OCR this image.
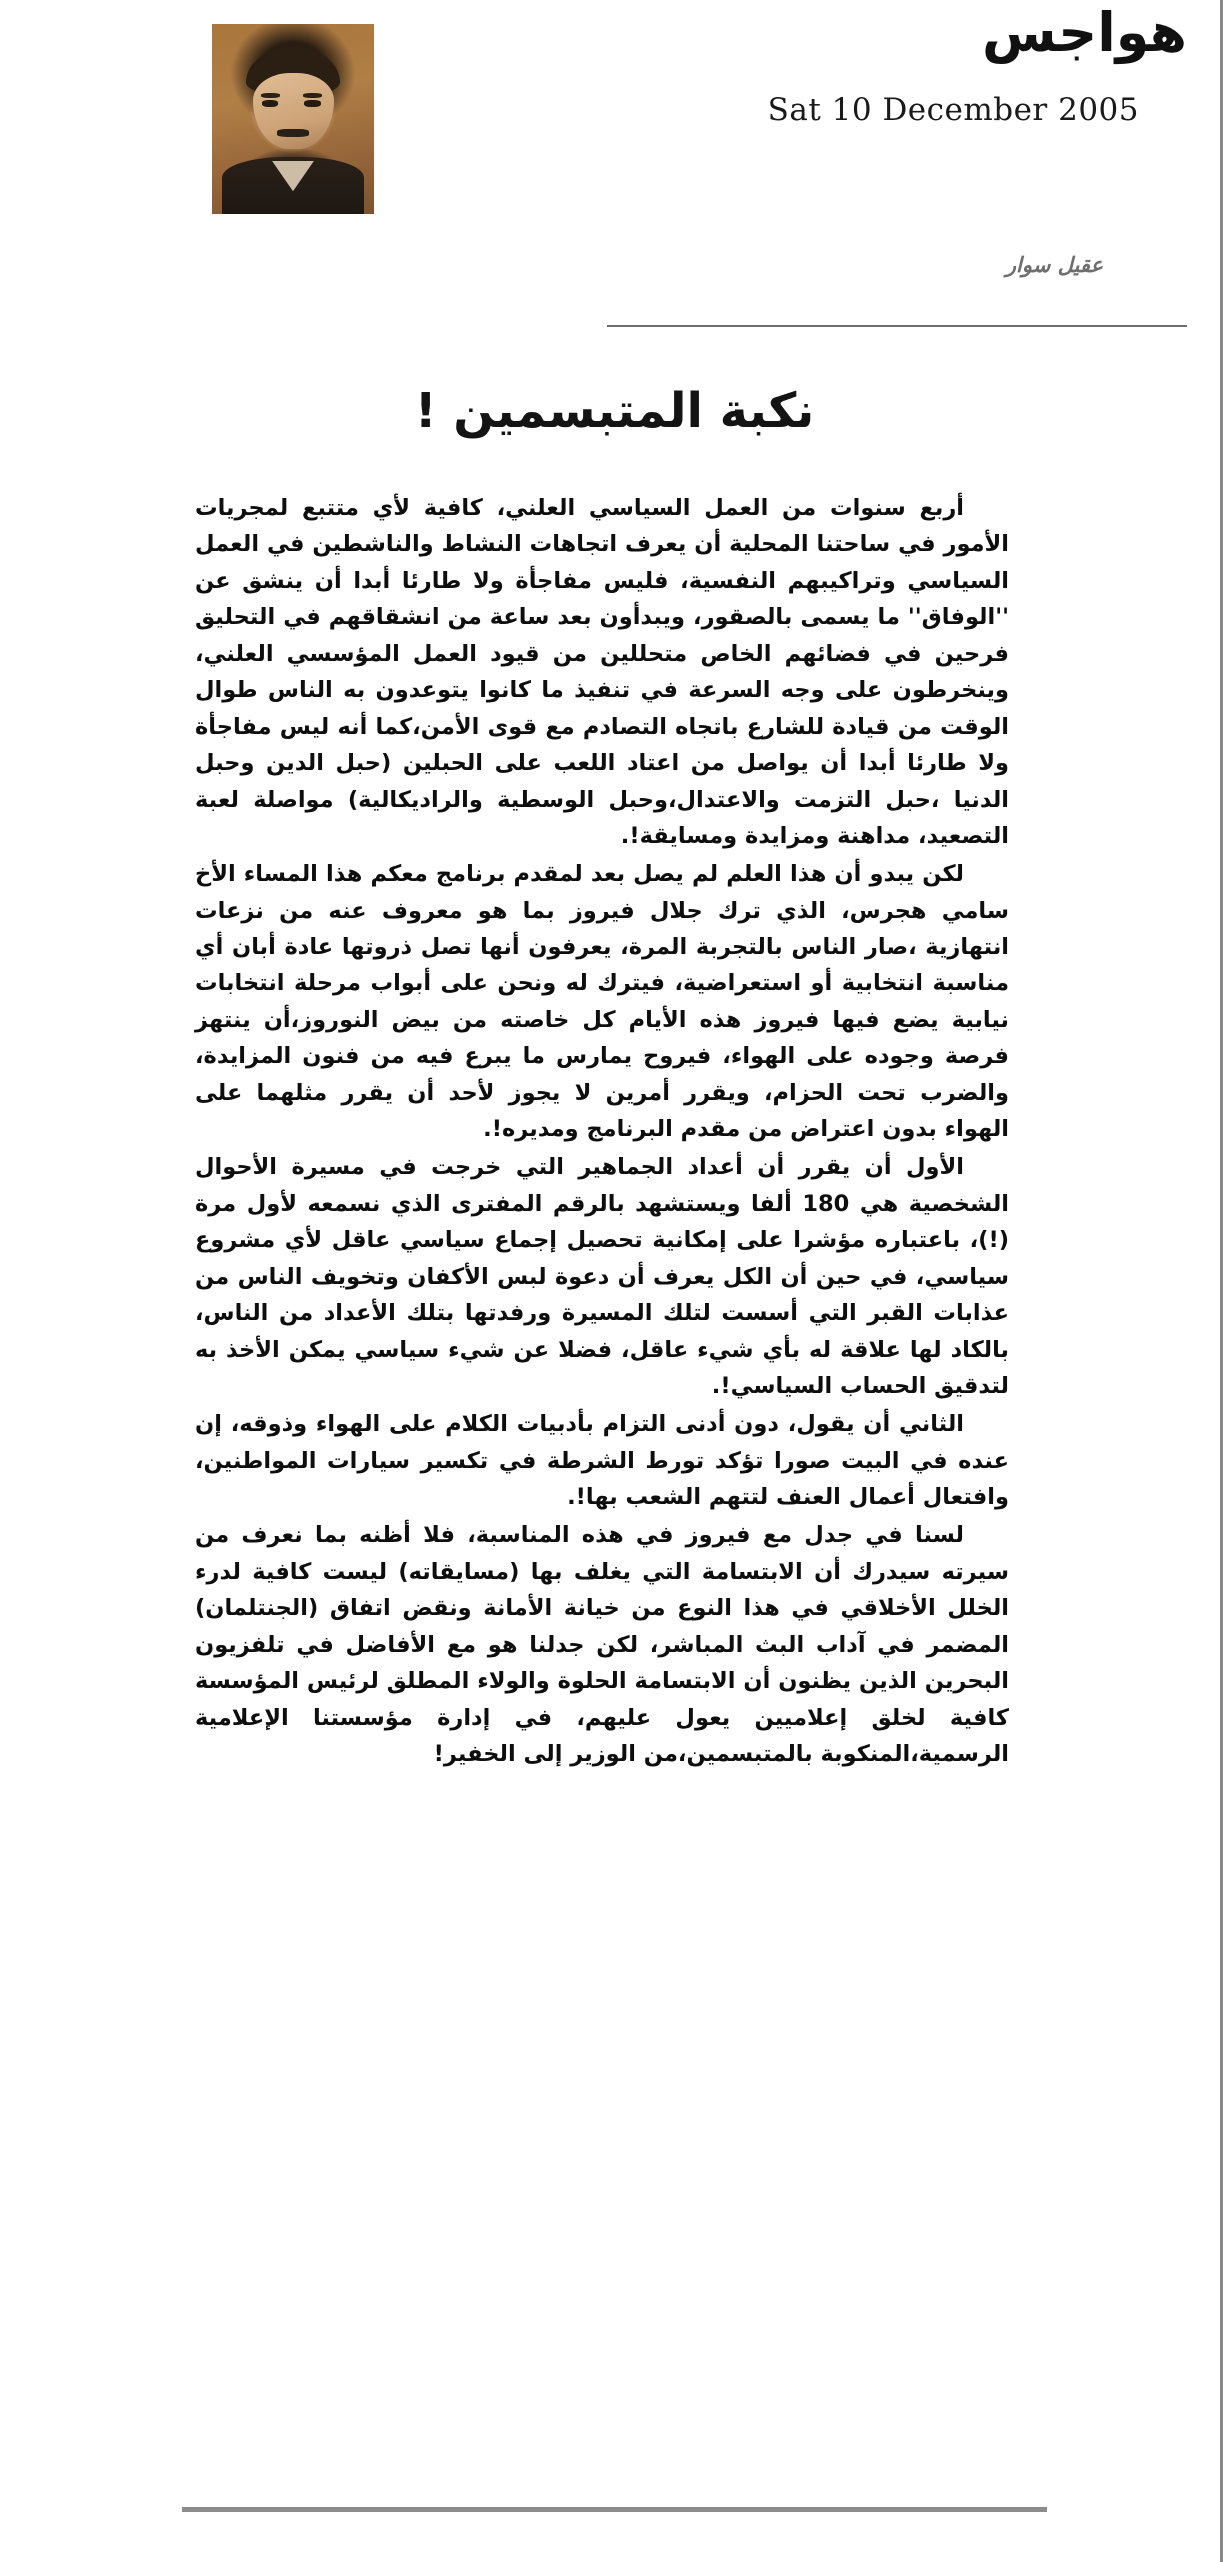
هواجس
Sat 10 December 2005
عقيل سوار
نكبة المتبسمين !

أربع سنوات من العمل السياسي العلني، كافية لأي متتبع لمجريات الأمور في ساحتنا المحلية أن يعرف اتجاهات النشاط والناشطين في العمل السياسي وتراكيبهم النفسية، فليس مفاجأة ولا طارئا أبدا أن ينشق عن ''الوفاق'' ما يسمى بالصقور، ويبدأون بعد ساعة من انشقاقهم في التحليق فرحين في فضائهم الخاص متحللين من قيود العمل المؤسسي العلني، وينخرطون على وجه السرعة في تنفيذ ما كانوا يتوعدون به الناس طوال الوقت من قيادة للشارع باتجاه التصادم مع قوى الأمن،كما أنه ليس مفاجأة ولا طارئا أبدا أن يواصل من اعتاد اللعب على الحبلين (حبل الدين وحبل الدنيا ،حبل التزمت والاعتدال،وحبل الوسطية والراديكالية) مواصلة لعبة التصعيد، مداهنة ومزايدة ومسايقة!.

لكن يبدو أن هذا العلم لم يصل بعد لمقدم برنامج معكم هذا المساء الأخ سامي هجرس، الذي ترك جلال فيروز بما هو معروف عنه من نزعات انتهازية ،صار الناس بالتجربة المرة، يعرفون أنها تصل ذروتها عادة أبان أي مناسبة انتخابية أو استعراضية، فيترك له ونحن على أبواب مرحلة انتخابات نيابية يضع فيها فيروز هذه الأيام كل خاصته من بيض النوروز،أن ينتهز فرصة وجوده على الهواء، فيروح يمارس ما يبرع فيه من فنون المزايدة، والضرب تحت الحزام، ويقرر أمرين لا يجوز لأحد أن يقرر مثلهما على الهواء بدون اعتراض من مقدم البرنامج ومديره!.

الأول أن يقرر أن أعداد الجماهير التي خرجت في مسيرة الأحوال الشخصية هي 180 ألفا ويستشهد بالرقم المفترى الذي نسمعه لأول مرة (!)، باعتباره مؤشرا على إمكانية تحصيل إجماع سياسي عاقل لأي مشروع سياسي، في حين أن الكل يعرف أن دعوة لبس الأكفان وتخويف الناس من عذابات القبر التي أسست لتلك المسيرة ورفدتها بتلك الأعداد من الناس، بالكاد لها علاقة له بأي شيء عاقل، فضلا عن شيء سياسي يمكن الأخذ به لتدقيق الحساب السياسي!.

الثاني أن يقول، دون أدنى التزام بأدبيات الكلام على الهواء وذوقه، إن عنده في البيت صورا تؤكد تورط الشرطة في تكسير سيارات المواطنين، وافتعال أعمال العنف لتتهم الشعب بها!.

لسنا في جدل مع فيروز في هذه المناسبة، فلا أظنه بما نعرف من سيرته سيدرك أن الابتسامة التي يغلف بها (مسايقاته) ليست كافية لدرء الخلل الأخلاقي في هذا النوع من خيانة الأمانة ونقض اتفاق (الجنتلمان) المضمر في آداب البث المباشر، لكن جدلنا هو مع الأفاضل في تلفزيون البحرين الذين يظنون أن الابتسامة الحلوة والولاء المطلق لرئيس المؤسسة كافية لخلق إعلاميين يعول عليهم، في إدارة مؤسستنا الإعلامية الرسمية،المنكوبة بالمتبسمين،من الوزير إلى الخفير!
